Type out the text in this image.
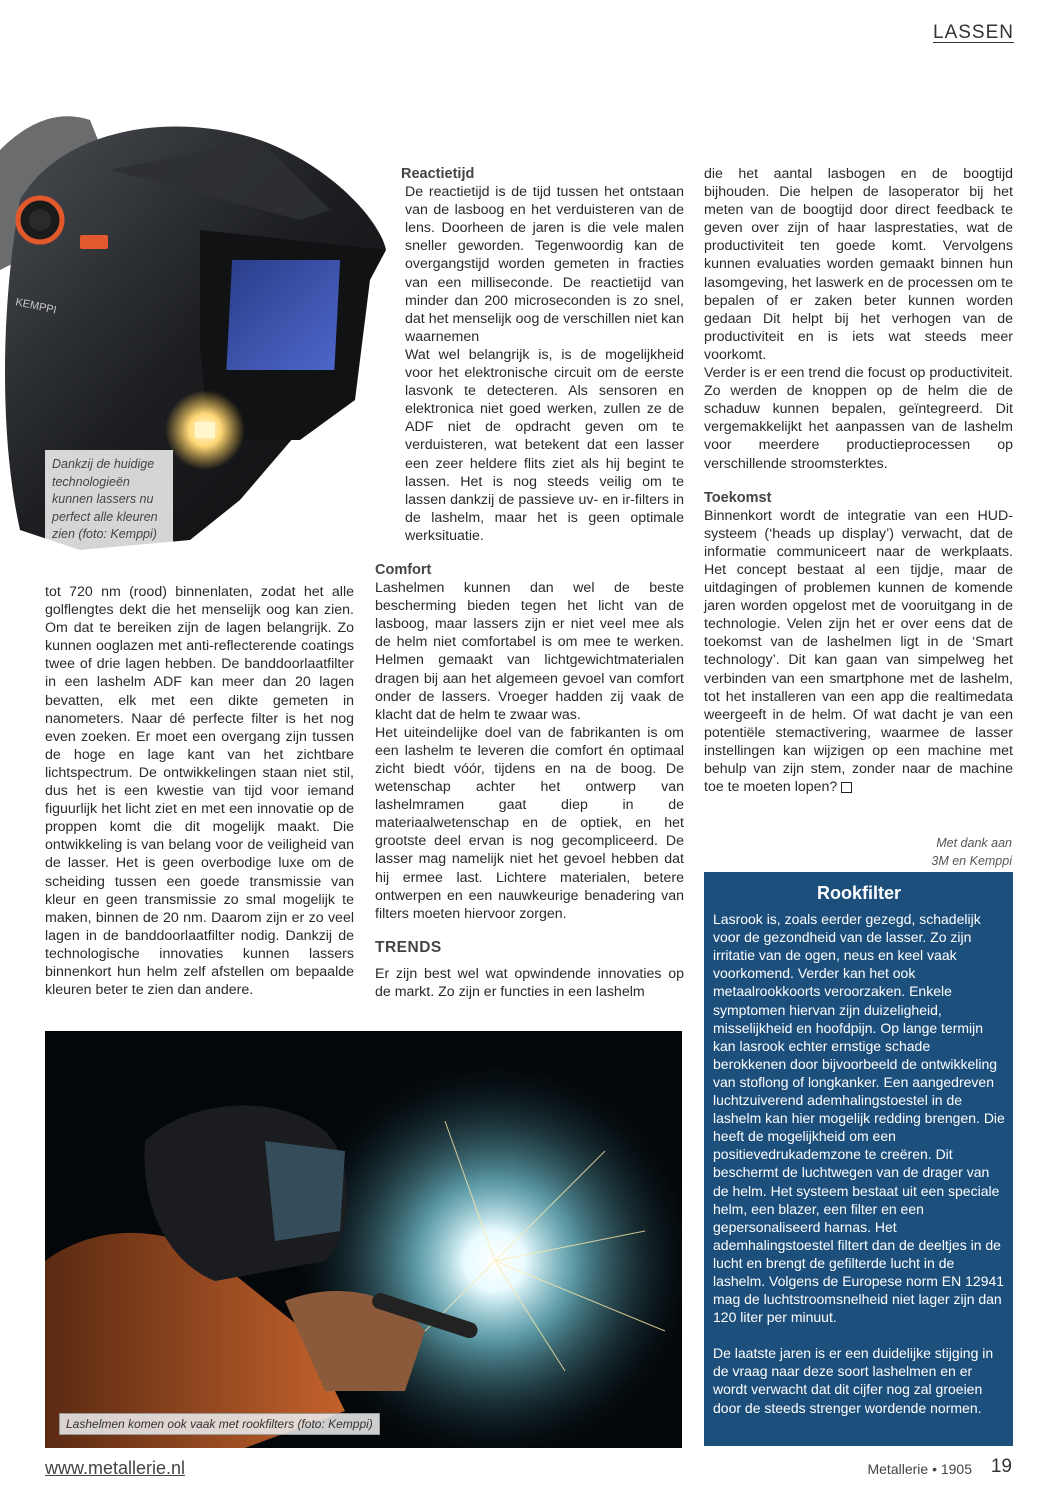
LASSEN
KEMPPI
Dankzij de huidige technologieën kunnen lassers nu perfect alle kleuren zien (foto: Kemppi)

tot 720 nm (rood) binnenlaten, zodat het alle golflengtes dekt die het menselijk oog kan zien. Om dat te bereiken zijn de lagen belangrijk. Zo kunnen ooglazen met anti-reflecterende coatings twee of drie lagen hebben. De banddoorlaatfilter in een lashelm ADF kan meer dan 20 lagen bevatten, elk met een dikte gemeten in nanometers. Naar dé perfecte filter is het nog even zoeken. Er moet een overgang zijn tussen de hoge en lage kant van het zichtbare lichtspectrum. De ontwikkelingen staan niet stil, dus het is een kwestie van tijd voor iemand figuurlijk het licht ziet en met een innovatie op de proppen komt die dit mogelijk maakt. Die ontwikkeling is van belang voor de veiligheid van de lasser. Het is geen overbodige luxe om de scheiding tussen een goede transmissie van kleur en geen transmissie zo smal mogelijk te maken, binnen de 20 nm. Daarom zijn er zo veel lagen in de banddoorlaatfilter nodig. Dankzij de technologische innovaties kunnen lassers binnenkort hun helm zelf afstellen om bepaalde kleuren beter te zien dan andere.

Reactietijd

De reactietijd is de tijd tussen het ontstaan van de lasboog en het verduisteren van de lens. Doorheen de jaren is die vele malen sneller geworden. Tegenwoordig kan de overgangstijd worden gemeten in fracties van een milliseconde. De reactietijd van minder dan 200 microseconden is zo snel, dat het menselijk oog de verschillen niet kan waarnemen

Wat wel belangrijk is, is de mogelijkheid voor het elektronische circuit om de eerste lasvonk te detecteren. Als sensoren en elektronica niet goed werken, zullen ze de ADF niet de opdracht geven om te verduisteren, wat betekent dat een lasser een zeer heldere flits ziet als hij begint te lassen. Het is nog steeds veilig om te lassen dankzij de passieve uv- en ir-filters in de lashelm, maar het is geen optimale werksituatie.

Comfort

Lashelmen kunnen dan wel de beste bescherming bieden tegen het licht van de lasboog, maar lassers zijn er niet veel mee als de helm niet comfortabel is om mee te werken. Helmen gemaakt van lichtgewichtmaterialen dragen bij aan het algemeen gevoel van comfort onder de lassers. Vroeger hadden zij vaak de klacht dat de helm te zwaar was.

Het uiteindelijke doel van de fabrikanten is om een lashelm te leveren die comfort én optimaal zicht biedt vóór, tijdens en na de boog. De wetenschap achter het ontwerp van lashelmramen gaat diep in de materiaalwetenschap en de optiek, en het grootste deel ervan is nog gecompliceerd. De lasser mag namelijk niet het gevoel hebben dat hij ermee last. Lichtere materialen, betere ontwerpen en een nauwkeurige benadering van filters moeten hiervoor zorgen.

TRENDS

Er zijn best wel wat opwindende innovaties op de markt. Zo zijn er functies in een lashelm

die het aantal lasbogen en de boogtijd bijhouden. Die helpen de lasoperator bij het meten van de boogtijd door direct feedback te geven over zijn of haar lasprestaties, wat de productiviteit ten goede komt. Vervolgens kunnen evaluaties worden gemaakt binnen hun lasomgeving, het laswerk en de processen om te bepalen of er zaken beter kunnen worden gedaan Dit helpt bij het verhogen van de productiviteit en is iets wat steeds meer voorkomt.

Verder is er een trend die focust op productiviteit. Zo werden de knoppen op de helm die de schaduw kunnen bepalen, geïntegreerd. Dit vergemakkelijkt het aanpassen van de lashelm voor meerdere productieprocessen op verschillende stroomsterktes.

Toekomst

Binnenkort wordt de integratie van een HUD-systeem (‘heads up display’) verwacht, dat de informatie communiceert naar de werkplaats. Het concept bestaat al een tijdje, maar de uitdagingen of problemen kunnen de komende jaren worden opgelost met de vooruitgang in de technologie. Velen zijn het er over eens dat de toekomst van de lashelmen ligt in de ‘Smart technology’. Dit kan gaan van simpelweg het verbinden van een smartphone met de lashelm, tot het installeren van een app die realtimedata weergeeft in de helm. Of wat dacht je van een potentiële stemactivering, waarmee de lasser instellingen kan wijzigen op een machine met behulp van zijn stem, zonder naar de machine toe te moeten lopen?

Met dank aan
3M en Kemppi
Rookfilter

Lasrook is, zoals eerder gezegd, schadelijk voor de gezondheid van de lasser. Zo zijn irritatie van de ogen, neus en keel vaak voorkomend. Verder kan het ook metaalrookkoorts veroorzaken. Enkele symptomen hiervan zijn duizeligheid, misselijkheid en hoofdpijn. Op lange termijn kan lasrook echter ernstige schade berokkenen door bijvoorbeeld de ontwikkeling van stoflong of longkanker. Een aangedreven luchtzuiverend ademhalingstoestel in de lashelm kan hier mogelijk redding brengen. Die heeft de mogelijkheid om een positievedrukademzone te creëren. Dit beschermt de luchtwegen van de drager van de helm. Het systeem bestaat uit een speciale helm, een blazer, een filter en een gepersonaliseerd harnas. Het ademhalingstoestel filtert dan de deeltjes in de lucht en brengt de gefilterde lucht in de lashelm. Volgens de Europese norm EN 12941 mag de luchtstroomsnelheid niet lager zijn dan 120 liter per minuut.

De laatste jaren is er een duidelijke stijging in de vraag naar deze soort lashelmen en er wordt verwacht dat dit cijfer nog zal groeien door de steeds strenger wordende normen.

Lashelmen komen ook vaak met rookfilters (foto: Kemppi)
www.metallerie.nl	Metallerie • 1905 19
